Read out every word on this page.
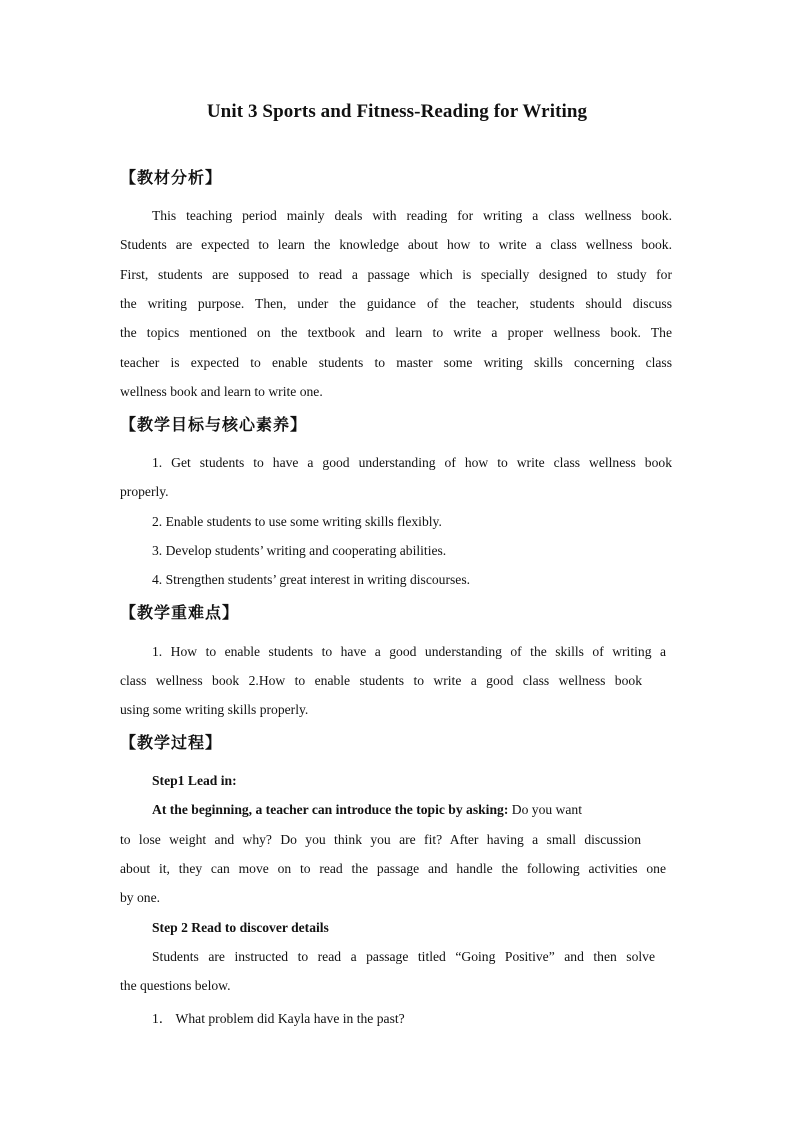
Unit 3 Sports and Fitness-Reading for Writing
【教材分析】
This teaching period mainly deals with reading for writing a class wellness book.
Students are expected to learn the knowledge about how to write a class wellness book.
First, students are supposed to read a passage which is specially designed to study for
the writing purpose. Then, under the guidance of the teacher, students should discuss
the topics mentioned on the textbook and learn to write a proper wellness book. The
teacher is expected to enable students to master some writing skills concerning class
wellness book and learn to write one.
【教学目标与核心素养】
1. Get students to have a good understanding of how to write class wellness book
properly.
2. Enable students to use some writing skills flexibly.
3. Develop students’ writing and cooperating abilities.
4. Strengthen students’ great interest in writing discourses.
【教学重难点】
1. How to enable students to have a good understanding of the skills of writing a
class wellness book 2.How to enable students to write a good class wellness book
using some writing skills properly.
【教学过程】
Step1 Lead in:
At the beginning, a teacher can introduce the topic by asking: Do you want
to lose weight and why? Do you think you are fit? After having a small discussion
about it, they can move on to read the passage and handle the following activities one
by one.
Step 2 Read to discover details
Students are instructed to read a passage titled “Going Positive” and then solve
the questions below.
1． What problem did Kayla have in the past?
